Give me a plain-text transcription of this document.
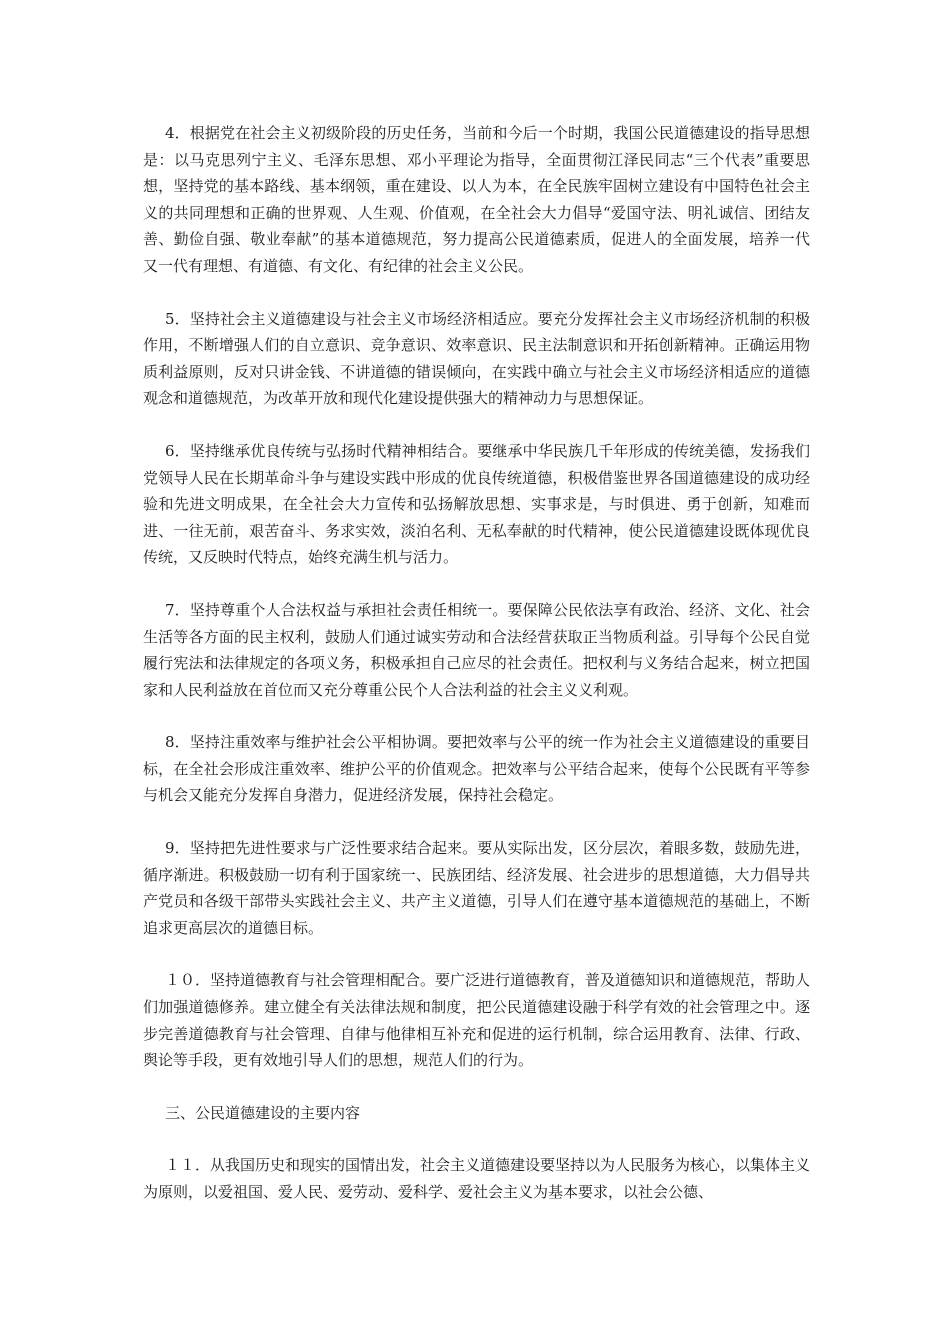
4．根据党在社会主义初级阶段的历史任务，当前和今后一个时期，我国公民道德建设的指导思想是：以马克思列宁主义、毛泽东思想、邓小平理论为指导，全面贯彻江泽民同志“三个代表”重要思想，坚持党的基本路线、基本纲领，重在建设、以人为本，在全民族牢固树立建设有中国特色社会主义的共同理想和正确的世界观、人生观、价值观，在全社会大力倡导“爱国守法、明礼诚信、团结友善、勤俭自强、敬业奉献”的基本道德规范，努力提高公民道德素质，促进人的全面发展，培养一代又一代有理想、有道德、有文化、有纪律的社会主义公民。

5．坚持社会主义道德建设与社会主义市场经济相适应。要充分发挥社会主义市场经济机制的积极作用，不断增强人们的自立意识、竞争意识、效率意识、民主法制意识和开拓创新精神。正确运用物质利益原则，反对只讲金钱、不讲道德的错误倾向，在实践中确立与社会主义市场经济相适应的道德观念和道德规范，为改革开放和现代化建设提供强大的精神动力与思想保证。

6．坚持继承优良传统与弘扬时代精神相结合。要继承中华民族几千年形成的传统美德，发扬我们党领导人民在长期革命斗争与建设实践中形成的优良传统道德，积极借鉴世界各国道德建设的成功经验和先进文明成果，在全社会大力宣传和弘扬解放思想、实事求是，与时俱进、勇于创新，知难而进、一往无前，艰苦奋斗、务求实效，淡泊名利、无私奉献的时代精神，使公民道德建设既体现优良传统，又反映时代特点，始终充满生机与活力。

7．坚持尊重个人合法权益与承担社会责任相统一。要保障公民依法享有政治、经济、文化、社会生活等各方面的民主权利，鼓励人们通过诚实劳动和合法经营获取正当物质利益。引导每个公民自觉履行宪法和法律规定的各项义务，积极承担自己应尽的社会责任。把权利与义务结合起来，树立把国家和人民利益放在首位而又充分尊重公民个人合法利益的社会主义义利观。

8．坚持注重效率与维护社会公平相协调。要把效率与公平的统一作为社会主义道德建设的重要目标，在全社会形成注重效率、维护公平的价值观念。把效率与公平结合起来，使每个公民既有平等参与机会又能充分发挥自身潜力，促进经济发展，保持社会稳定。

9．坚持把先进性要求与广泛性要求结合起来。要从实际出发，区分层次，着眼多数，鼓励先进，循序渐进。积极鼓励一切有利于国家统一、民族团结、经济发展、社会进步的思想道德，大力倡导共产党员和各级干部带头实践社会主义、共产主义道德，引导人们在遵守基本道德规范的基础上，不断追求更高层次的道德目标。

１０．坚持道德教育与社会管理相配合。要广泛进行道德教育，普及道德知识和道德规范，帮助人们加强道德修养。建立健全有关法律法规和制度，把公民道德建设融于科学有效的社会管理之中。逐步完善道德教育与社会管理、自律与他律相互补充和促进的运行机制，综合运用教育、法律、行政、舆论等手段，更有效地引导人们的思想，规范人们的行为。

三、公民道德建设的主要内容

１１．从我国历史和现实的国情出发，社会主义道德建设要坚持以为人民服务为核心，以集体主义为原则，以爱祖国、爱人民、爱劳动、爱科学、爱社会主义为基本要求，以社会公德、
